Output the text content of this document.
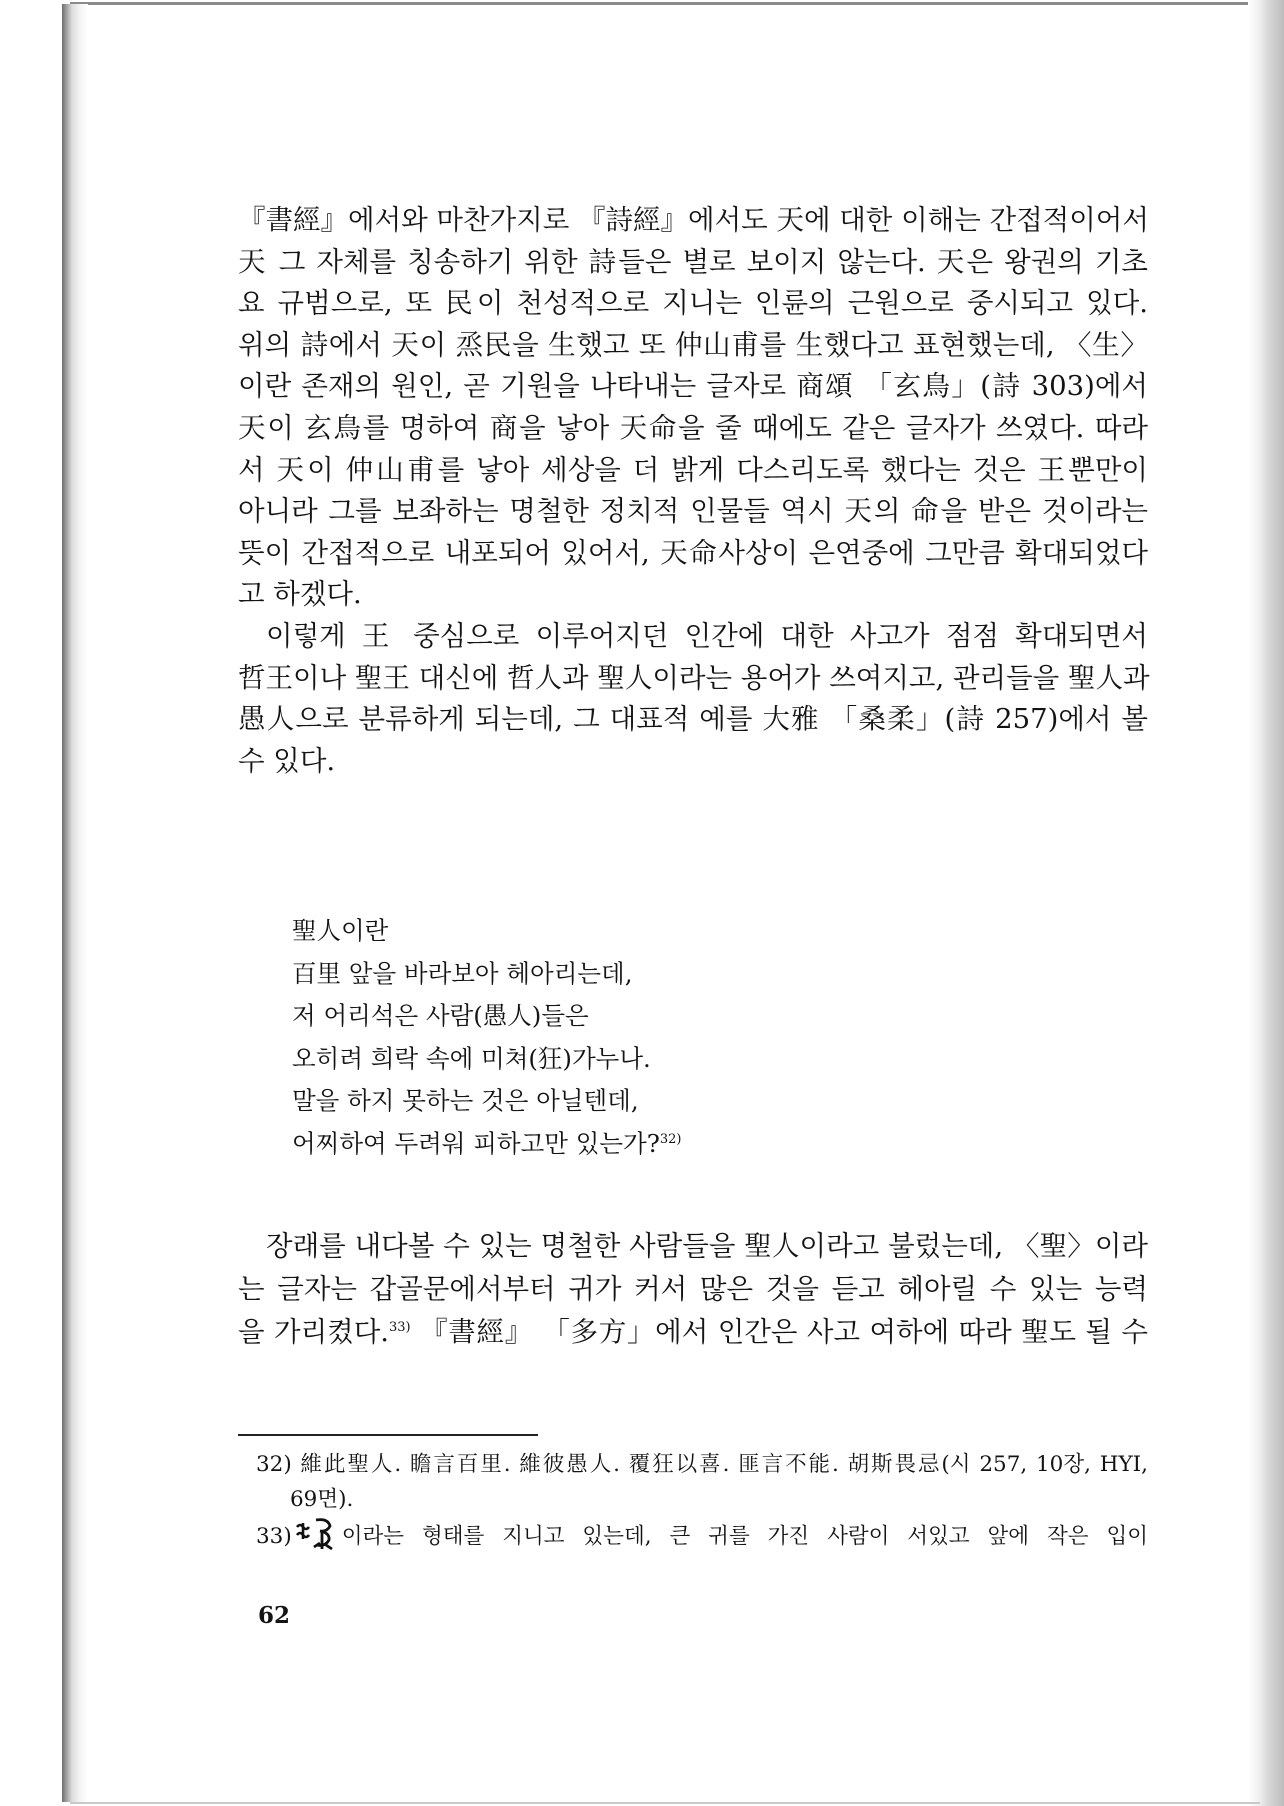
『書經』에서와 마찬가지로 『詩經』에서도 天에 대한 이해는 간접적이어서
天 그 자체를 칭송하기 위한 詩들은 별로 보이지 않는다. 天은 왕권의 기초
요 규범으로, 또 民이 천성적으로 지니는 인륜의 근원으로 중시되고 있다.
위의 詩에서 天이 烝民을 生했고 또 仲山甫를 生했다고 표현했는데, 〈生〉
이란 존재의 원인, 곧 기원을 나타내는 글자로 商頌 「玄鳥」(詩 303)에서
天이 玄鳥를 명하여 商을 낳아 天命을 줄 때에도 같은 글자가 쓰였다. 따라
서 天이 仲山甫를 낳아 세상을 더 밝게 다스리도록 했다는 것은 王뿐만이
아니라 그를 보좌하는 명철한 정치적 인물들 역시 天의 命을 받은 것이라는
뜻이 간접적으로 내포되어 있어서, 天命사상이 은연중에 그만큼 확대되었다
고 하겠다.
이렇게 王 중심으로 이루어지던 인간에 대한 사고가 점점 확대되면서
哲王이나 聖王 대신에 哲人과 聖人이라는 용어가 쓰여지고, 관리들을 聖人과
愚人으로 분류하게 되는데, 그 대표적 예를 大雅 「桑柔」(詩 257)에서 볼
수 있다.
聖人이란
百里 앞을 바라보아 헤아리는데,
저 어리석은 사람(愚人)들은
오히려 희락 속에 미쳐(狂)가누나.
말을 하지 못하는 것은 아닐텐데,
어찌하여 두려워 피하고만 있는가?$^{32)}$
장래를 내다볼 수 있는 명철한 사람들을 聖人이라고 불렀는데, 〈聖〉이라
는 글자는 갑골문에서부터 귀가 커서 많은 것을 듣고 헤아릴 수 있는 능력
을 가리켰다.$^{33)}$ 『書經』 「多方」에서 인간은 사고 여하에 따라 聖도 될 수
32) 維此聖人. 瞻言百里. 維彼愚人. 覆狂以喜. 匪言不能. 胡斯畏忌(시 257, 10장, HYI,
69면).
33) 이라는 형태를 지니고 있는데, 큰 귀를 가진 사람이 서있고 앞에 작은 입이
62
